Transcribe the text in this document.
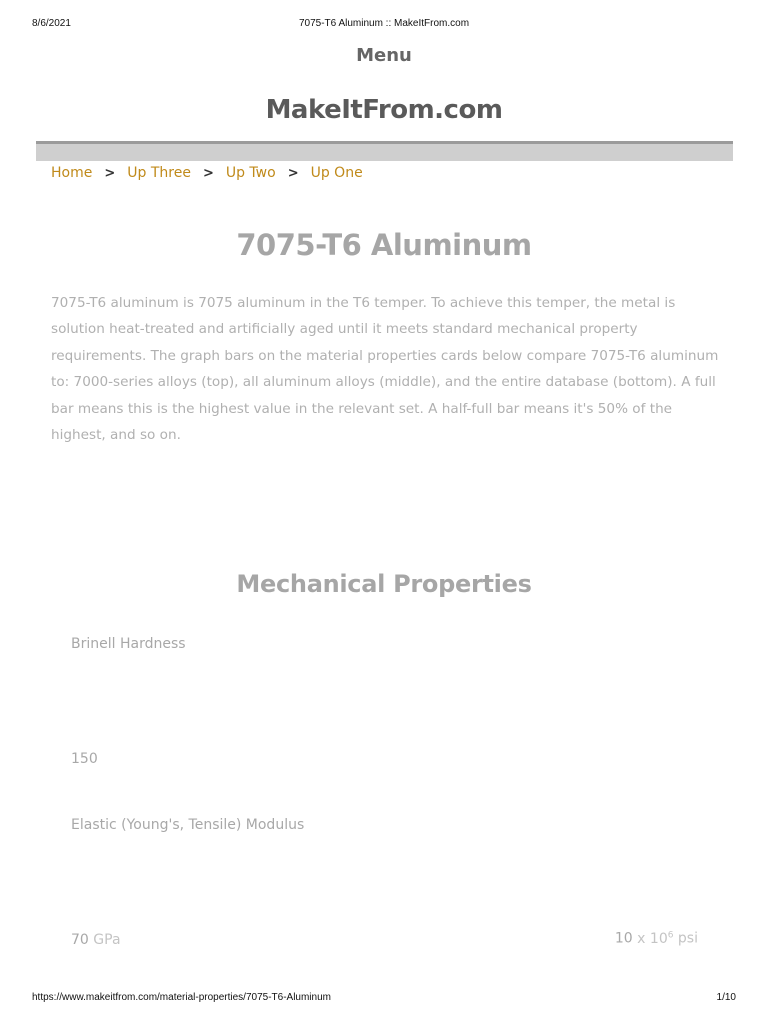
8/6/2021	7075-T6 Aluminum :: MakeItFrom.com
Menu
MakeItFrom.com
Home > Up Three > Up Two > Up One
7075-T6 Aluminum

7075-T6 aluminum is 7075 aluminum in the T6 temper. To achieve this temper, the metal is solution heat-treated and artificially aged until it meets standard mechanical property requirements. The graph bars on the material properties cards below compare 7075-T6 aluminum to: 7000-series alloys (top), all aluminum alloys (middle), and the entire database (bottom). A full bar means this is the highest value in the relevant set. A half-full bar means it's 50% of the highest, and so on.

Mechanical Properties
Brinell Hardness
150
Elastic (Young's, Tensile) Modulus
70 GPa	10 x $10^6$ psi
https://www.makeitfrom.com/material-properties/7075-T6-Aluminum	1/10
